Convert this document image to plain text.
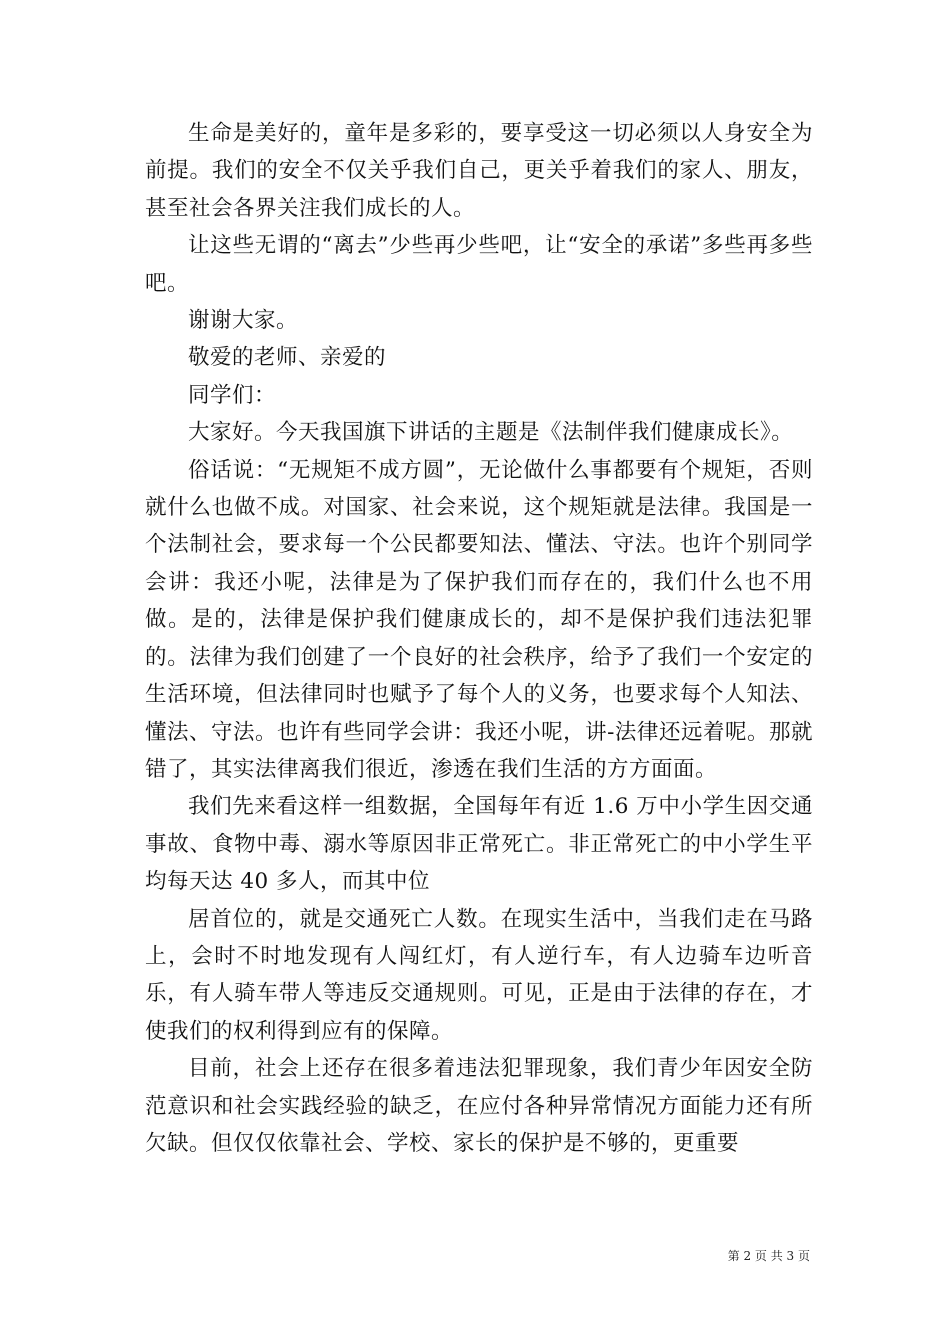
生命是美好的，童年是多彩的，要享受这一切必须以人身安全为前提。我们的安全不仅关乎我们自己，更关乎着我们的家人、朋友，甚至社会各界关注我们成长的人。

让这些无谓的“离去”少些再少些吧，让“安全的承诺”多些再多些吧。

谢谢大家。

敬爱的老师、亲爱的

同学们：

大家好。今天我国旗下讲话的主题是《法制伴我们健康成长》。

俗话说：“无规矩不成方圆”，无论做什么事都要有个规矩，否则就什么也做不成。对国家、社会来说，这个规矩就是法律。我国是一个法制社会，要求每一个公民都要知法、懂法、守法。也许个别同学会讲：我还小呢，法律是为了保护我们而存在的，我们什么也不用做。是的，法律是保护我们健康成长的，却不是保护我们违法犯罪的。法律为我们创建了一个良好的社会秩序，给予了我们一个安定的生活环境，但法律同时也赋予了每个人的义务，也要求每个人知法、懂法、守法。也许有些同学会讲：我还小呢，讲-法律还远着呢。那就错了，其实法律离我们很近，渗透在我们生活的方方面面。

我们先来看这样一组数据，全国每年有近 1.6 万中小学生因交通事故、食物中毒、溺水等原因非正常死亡。非正常死亡的中小学生平均每天达 40 多人，而其中位

居首位的，就是交通死亡人数。在现实生活中，当我们走在马路上，会时不时地发现有人闯红灯，有人逆行车，有人边骑车边听音乐，有人骑车带人等违反交通规则。可见，正是由于法律的存在，才使我们的权利得到应有的保障。

目前，社会上还存在很多着违法犯罪现象，我们青少年因安全防范意识和社会实践经验的缺乏，在应付各种异常情况方面能力还有所欠缺。但仅仅依靠社会、学校、家长的保护是不够的，更重要

第 2 页 共 3 页
